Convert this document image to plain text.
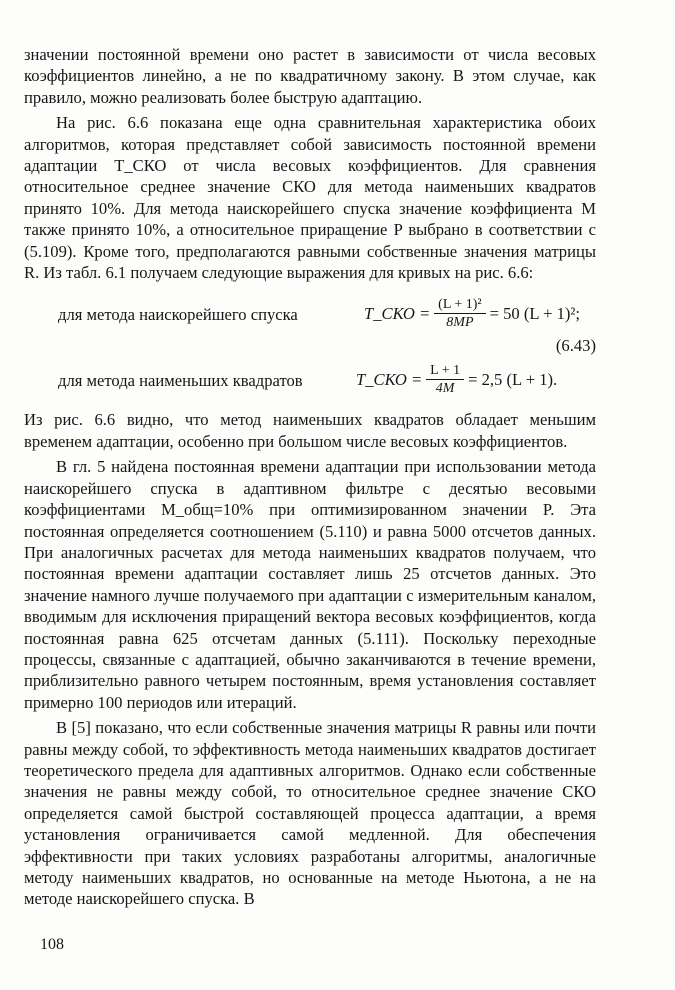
значении постоянной времени оно растет в зависимости от числа весовых коэффициентов линейно, а не по квадратичному закону. В этом случае, как правило, можно реализовать более быструю адаптацию.

На рис. 6.6 показана еще одна сравнительная характеристика обоих алгоритмов, которая представляет собой зависимость постоянной времени адаптации T_СКО от числа весовых коэффициентов. Для сравнения относительное среднее значение СКО для метода наименьших квадратов принято 10%. Для метода наискорейшего спуска значение коэффициента M также принято 10%, а относительное приращение P выбрано в соответствии с (5.109). Кроме того, предполагаются равными собственные значения матрицы R. Из табл. 6.1 получаем следующие выражения для кривых на рис. 6.6:

для метода наискорейшего спуска	T_СКО = $\frac{\text{(L + 1)²}}{8MP} = 50$ (L + 1)²;
(6.43)
для метода наименьших квадратов	T_СКО = $\frac{L + 1}{4M} = 2,5$ (L + 1).

Из рис. 6.6 видно, что метод наименьших квадратов обладает меньшим временем адаптации, особенно при большом числе весовых коэффициентов.

В гл. 5 найдена постоянная времени адаптации при использовании метода наискорейшего спуска в адаптивном фильтре с десятью весовыми коэффициентами M_общ=10% при оптимизированном значении P. Эта постоянная определяется соотношением (5.110) и равна 5000 отсчетов данных. При аналогичных расчетах для метода наименьших квадратов получаем, что постоянная времени адаптации составляет лишь 25 отсчетов данных. Это значение намного лучше получаемого при адаптации с измерительным каналом, вводимым для исключения приращений вектора весовых коэффициентов, когда постоянная равна 625 отсчетам данных (5.111). Поскольку переходные процессы, связанные с адаптацией, обычно заканчиваются в течение времени, приблизительно равного четырем постоянным, время установления составляет примерно 100 периодов или итераций.

В [5] показано, что если собственные значения матрицы R равны или почти равны между собой, то эффективность метода наименьших квадратов достигает теоретического предела для адаптивных алгоритмов. Однако если собственные значения не равны между собой, то относительное среднее значение СКО определяется самой быстрой составляющей процесса адаптации, а время установления ограничивается самой медленной. Для обеспечения эффективности при таких условиях разработаны алгоритмы, аналогичные методу наименьших квадратов, но основанные на методе Ньютона, а не на методе наискорейшего спуска. В

108
